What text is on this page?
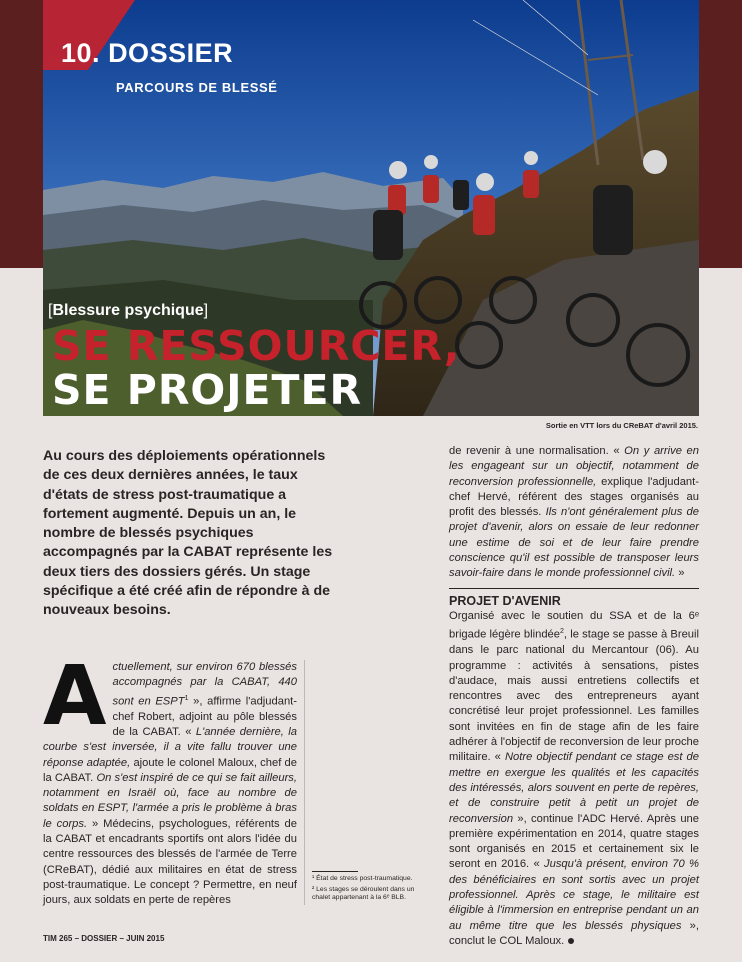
10. DOSSIER
PARCOURS DE BLESSÉ
[Blessure psychique]
SE RESSOURCER,
SE PROJETER
Sortie en VTT lors du CReBAT d'avril 2015.

Au cours des déploiements opérationnels de ces deux dernières années, le taux d'états de stress post-traumatique a fortement augmenté. Depuis un an, le nombre de blessés psychiques accompagnés par la CABAT représente les deux tiers des dossiers gérés. Un stage spécifique a été créé afin de répondre à de nouveaux besoins.

Actuellement, sur environ 670 blessés accompagnés par la CABAT, 440 sont en ESPT$^1$ », affirme l'adjudant-chef Robert, adjoint au pôle blessés de la CABAT. « L'année dernière, la courbe s'est inversée, il a vite fallu trouver une réponse adaptée, ajoute le colonel Maloux, chef de la CABAT. On s'est inspiré de ce qui se fait ailleurs, notamment en Israël où, face au nombre de soldats en ESPT, l'armée a pris le problème à bras le corps. » Médecins, psychologues, référents de la CABAT et encadrants sportifs ont alors l'idée du centre ressources des blessés de l'armée de Terre (CReBAT), dédié aux militaires en état de stress post-traumatique. Le concept ? Permettre, en neuf jours, aux soldats en perte de repères

¹ État de stress post-traumatique.

² Les stages se déroulent dans un chalet appartenant à la 6ᵉ BLB.

de revenir à une normalisation. « On y arrive en les engageant sur un objectif, notamment de reconversion professionnelle, explique l'adjudant-chef Hervé, référent des stages organisés au profit des blessés. Ils n'ont généralement plus de projet d'avenir, alors on essaie de leur redonner une estime de soi et de leur faire prendre conscience qu'il est possible de transposer leurs savoir-faire dans le monde professionnel civil. »

PROJET D'AVENIR

Organisé avec le soutien du SSA et de la 6ᵉ brigade légère blindée$^2$, le stage se passe à Breuil dans le parc national du Mercantour (06). Au programme : activités à sensations, pistes d'audace, mais aussi entretiens collectifs et rencontres avec des entrepreneurs ayant concrétisé leur projet professionnel. Les familles sont invitées en fin de stage afin de les faire adhérer à l'objectif de reconversion de leur proche militaire. « Notre objectif pendant ce stage est de mettre en exergue les qualités et les capacités des intéressés, alors souvent en perte de repères, et de construire petit à petit un projet de reconversion », continue l'ADC Hervé. Après une première expérimentation en 2014, quatre stages sont organisés en 2015 et certainement six le seront en 2016. « Jusqu'à présent, environ 70 % des bénéficiaires en sont sortis avec un projet professionnel. Après ce stage, le militaire est éligible à l'immersion en entreprise pendant un an au même titre que les blessés physiques », conclut le COL Maloux.

TIM 265 – DOSSIER – JUIN 2015
